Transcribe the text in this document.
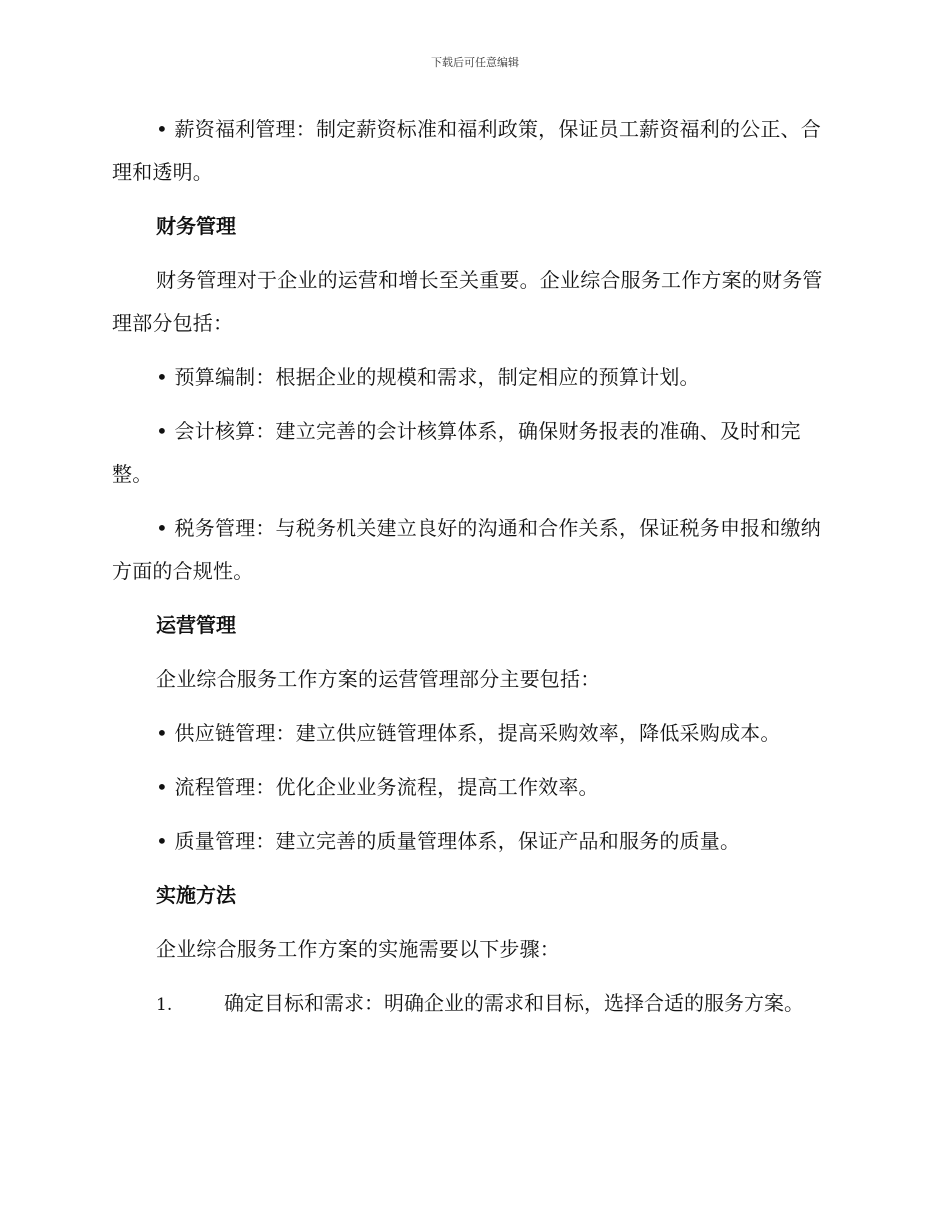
下载后可任意编辑

• 薪资福利管理：制定薪资标准和福利政策，保证员工薪资福利的公正、合理和透明。

财务管理

财务管理对于企业的运营和增长至关重要。企业综合服务工作方案的财务管理部分包括：

• 预算编制：根据企业的规模和需求，制定相应的预算计划。

• 会计核算：建立完善的会计核算体系，确保财务报表的准确、及时和完整。

• 税务管理：与税务机关建立良好的沟通和合作关系，保证税务申报和缴纳方面的合规性。

运营管理

企业综合服务工作方案的运营管理部分主要包括：

• 供应链管理：建立供应链管理体系，提高采购效率，降低采购成本。

• 流程管理：优化企业业务流程，提高工作效率。

• 质量管理：建立完善的质量管理体系，保证产品和服务的质量。

实施方法

企业综合服务工作方案的实施需要以下步骤：

1.	确定目标和需求：明确企业的需求和目标，选择合适的服务方案。
